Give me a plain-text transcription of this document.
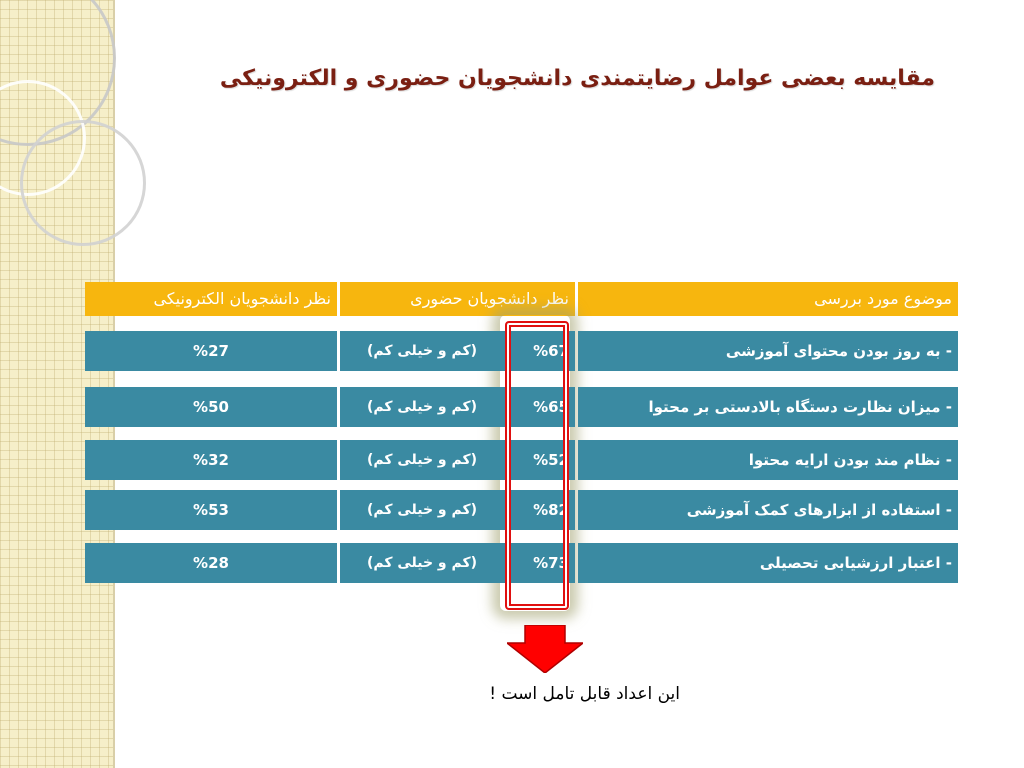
مقایسه بعضی عوامل رضایتمندی دانشجویان حضوری و الکترونیکی
موضوع مورد بررسی
نظر دانشجویان حضوری
نظر دانشجویان الکترونیکی
- به روز بودن محتوای آموزشی
%67
(کم و خیلی کم)
%27
- میزان نظارت دستگاه بالادستی بر محتوا
%65
(کم و خیلی کم)
%50
- نظام مند بودن ارایه محتوا
%52
(کم و خیلی کم)
%32
- استفاده از ابزارهای کمک آموزشی
%82
(کم و خیلی کم)
%53
- اعتبار ارزشیابی تحصیلی
%73
(کم و خیلی کم)
%28
این اعداد قابل تامل است !
